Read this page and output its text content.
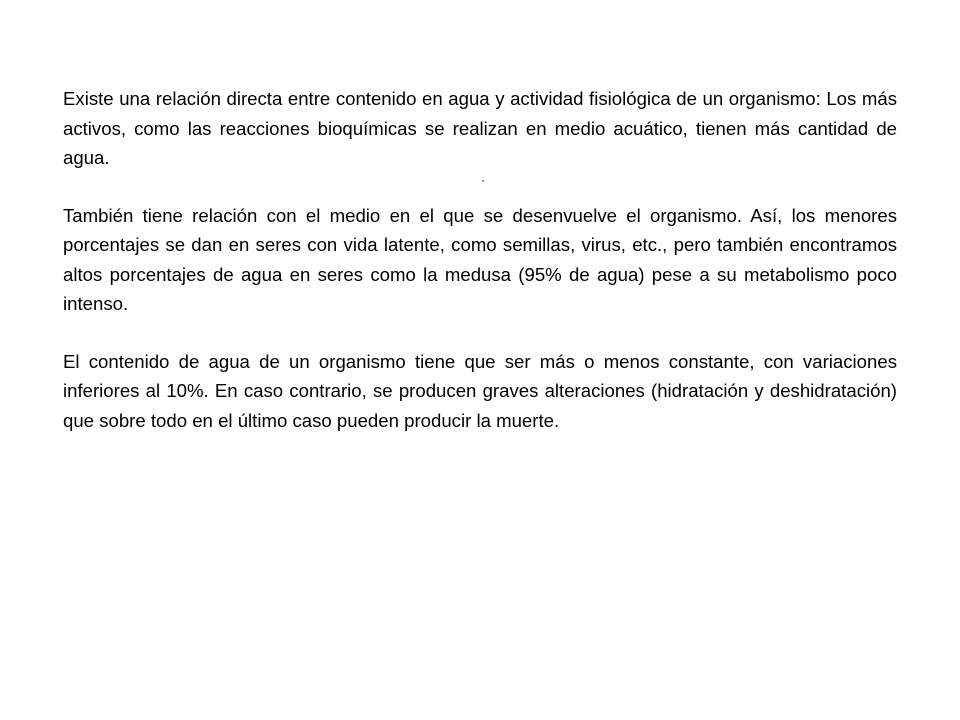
Existe una relación directa entre contenido en agua y actividad fisiológica de un organismo: Los más activos, como las reacciones bioquímicas se realizan en medio acuático, tienen más cantidad de agua.

También tiene relación con el medio en el que se desenvuelve el organismo. Así, los menores porcentajes se dan en seres con vida latente, como semillas, virus, etc., pero también encontramos altos porcentajes de agua en seres como la medusa (95% de agua) pese a su metabolismo poco intenso.

El contenido de agua de un organismo tiene que ser más o menos constante, con variaciones inferiores al 10%. En caso contrario, se producen graves alteraciones (hidratación y deshidratación) que sobre todo en el último caso pueden producir la muerte.
